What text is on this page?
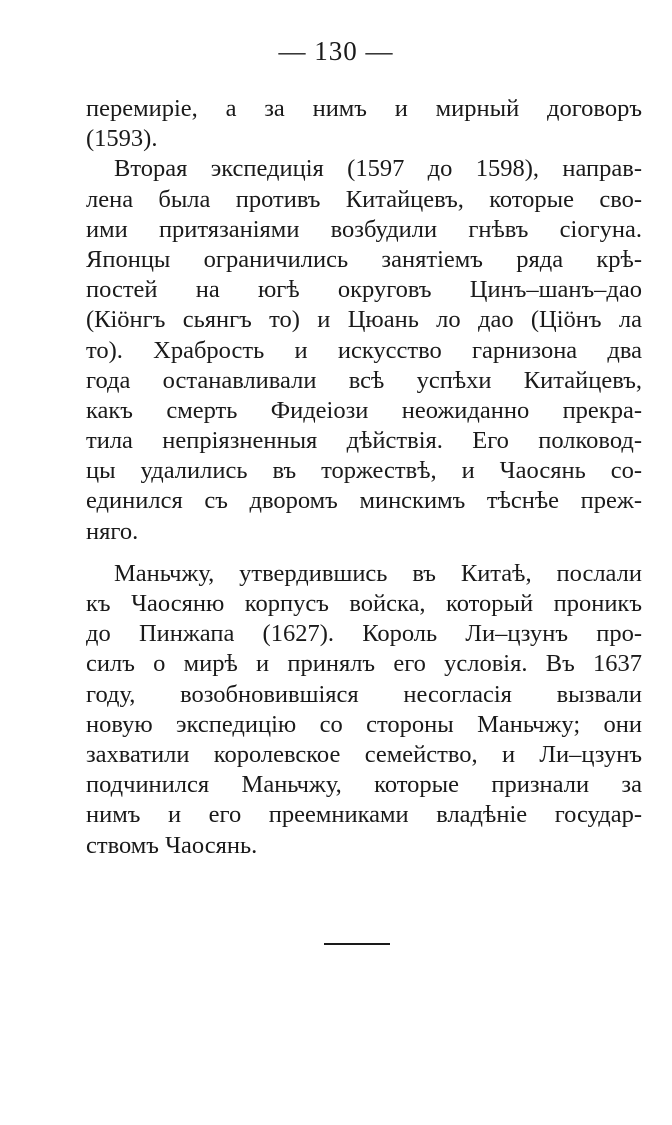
— 130 —
перемиріе, а за нимъ и мирный договоръ
(1593).
Вторая экспедиція (1597 до 1598), направ-
лена была противъ Китайцевъ, которые сво-
ими притязаніями возбудили гнѣвъ сіогуна.
Японцы ограничились занятіемъ ряда крѣ-
постей на югѣ округовъ Цинъ–шанъ–дао
(Кіöнгъ сьянгъ то) и Цюань ло дао (Ціöнъ ла
то). Храбрость и искусство гарнизона два
года останавливали всѣ успѣхи Китайцевъ,
какъ смерть Фидеіози неожиданно прекра-
тила непріязненныя дѣйствія. Его полковод-
цы удалились въ торжествѣ, и Чаосянь со-
единился съ дворомъ минскимъ тѣснѣе преж-
няго.
Маньчжу, утвердившись въ Китаѣ, послали
къ Чаосяню корпусъ войска, который проникъ
до Пинжапа (1627). Король Ли–цзунъ про-
силъ о мирѣ и принялъ его условія. Въ 1637
году, возобновившіяся несогласія вызвали
новую экспедицію со стороны Маньчжу; они
захватили королевское семейство, и Ли–цзунъ
подчинился Маньчжу, которые признали за
нимъ и его преемниками владѣніе государ-
ствомъ Чаосянь.
